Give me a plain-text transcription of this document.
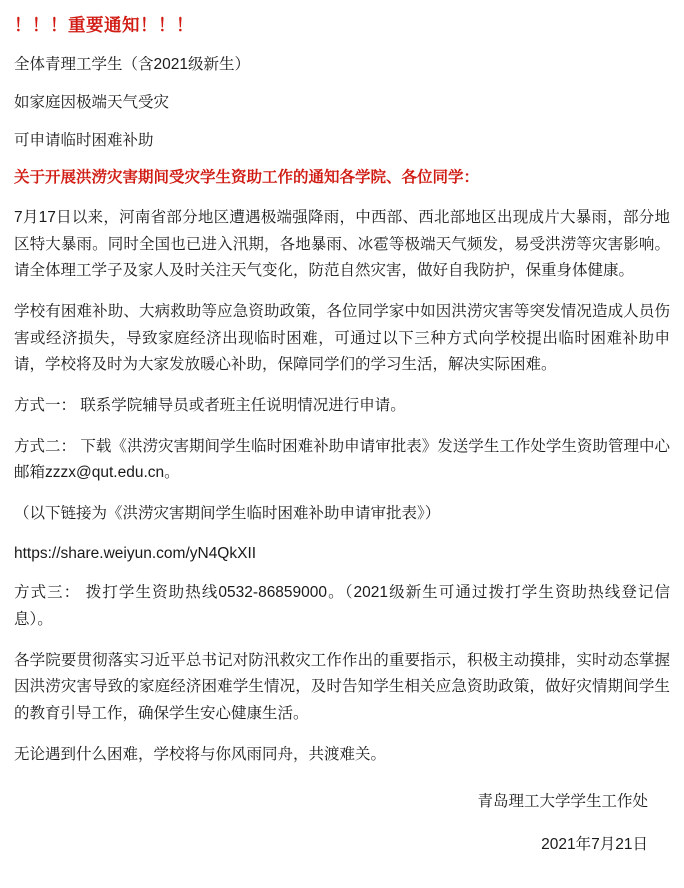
！！！重要通知！！！
全体青理工学生（含2021级新生）
如家庭因极端天气受灾
可申请临时困难补助
关于开展洪涝灾害期间受灾学生资助工作的通知各学院、各位同学：
7月17日以来，河南省部分地区遭遇极端强降雨，中西部、西北部地区出现成片大暴雨，部分地区特大暴雨。同时全国也已进入汛期，各地暴雨、冰雹等极端天气频发，易受洪涝等灾害影响。请全体理工学子及家人及时关注天气变化，防范自然灾害，做好自我防护，保重身体健康。
学校有困难补助、大病救助等应急资助政策，各位同学家中如因洪涝灾害等突发情况造成人员伤害或经济损失，导致家庭经济出现临时困难，可通过以下三种方式向学校提出临时困难补助申请，学校将及时为大家发放暖心补助，保障同学们的学习生活，解决实际困难。
方式一： 联系学院辅导员或者班主任说明情况进行申请。
方式二： 下载《洪涝灾害期间学生临时困难补助申请审批表》发送学生工作处学生资助管理中心邮箱zzzx@qut.edu.cn。
（以下链接为《洪涝灾害期间学生临时困难补助申请审批表》）
https://share.weiyun.com/yN4QkXII
方式三： 拨打学生资助热线0532-86859000。（2021级新生可通过拨打学生资助热线登记信息）。
各学院要贯彻落实习近平总书记对防汛救灾工作作出的重要指示，积极主动摸排，实时动态掌握因洪涝灾害导致的家庭经济困难学生情况，及时告知学生相关应急资助政策，做好灾情期间学生的教育引导工作，确保学生安心健康生活。
无论遇到什么困难，学校将与你风雨同舟，共渡难关。
青岛理工大学学生工作处
2021年7月21日
